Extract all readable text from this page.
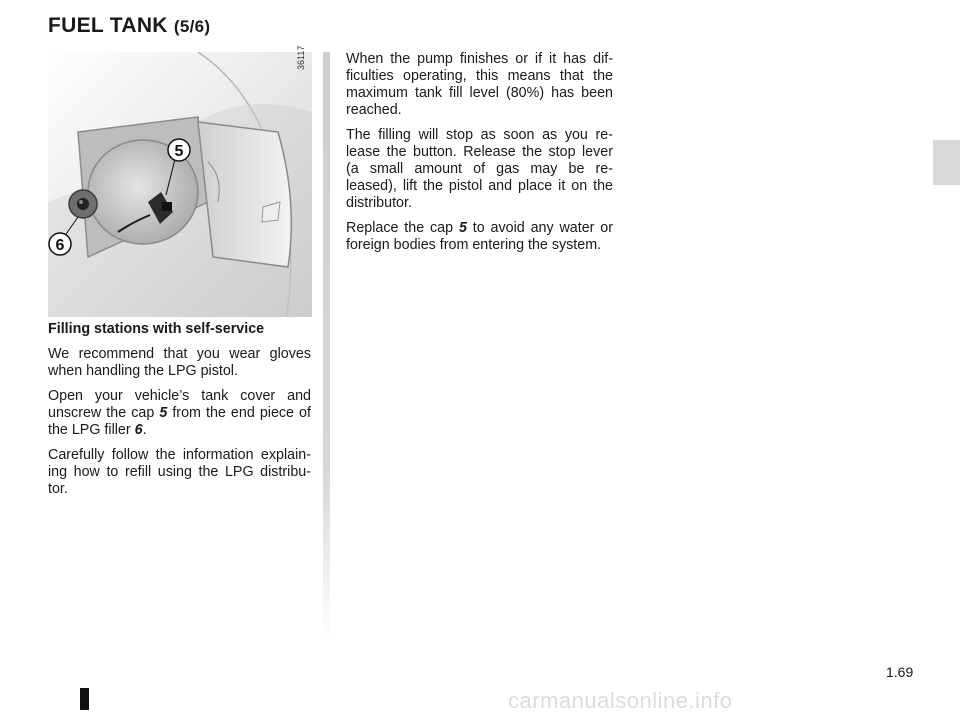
FUEL TANK (5/6)
5
6
36117

Filling stations with self-service

We recommend that you wear gloves when handling the LPG pistol.

Open your vehicle’s tank cover and unscrew the cap 5 from the end piece of the LPG filler 6.

Carefully follow the information explain- ing how to refill using the LPG distribu- tor.

When the pump finishes or if it has dif- ficulties operating, this means that the maximum tank fill level (80%) has been reached.

The filling will stop as soon as you re- lease the button. Release the stop lever (a small amount of gas may be re- leased), lift the pistol and place it on the distributor.

Replace the cap 5 to avoid any water or foreign bodies from entering the system.

1.69
carmanualsonline.info
